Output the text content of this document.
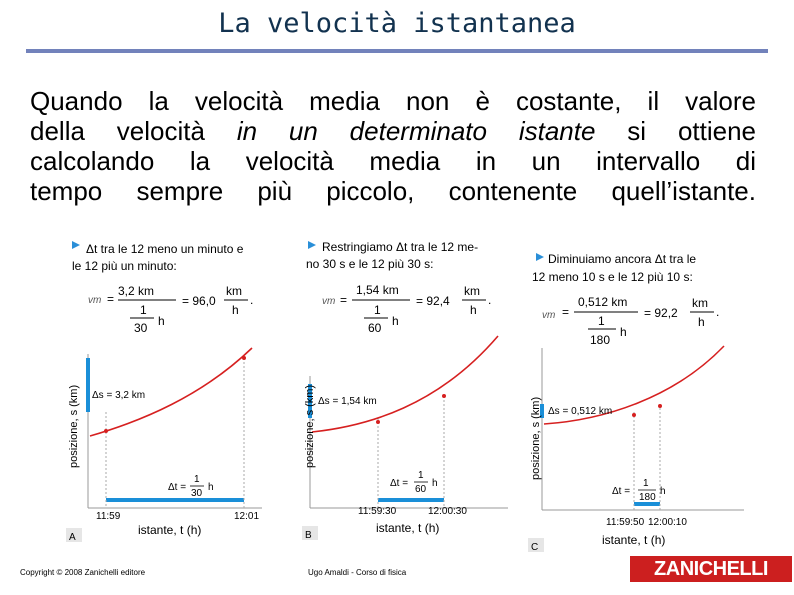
La velocità istantanea
Quando la velocità media non è costante, il valore
della velocità in un determinato istante si ottiene
calcolando la velocità media in un intervallo di
tempo sempre più piccolo, contenente quell’istante.
Δt tra le 12 meno un minuto e
le 12 più un minuto:
vm =
3,2 km
1
30 h
= 96,0
km
h
.
posizione, s (km) Δs = 3,2 km
Δt =
1
30
h
11:59	12:01
istante, t (h)
A
Restringiamo Δt tra le 12 me-
no 30 s e le 12 più 30 s:
vm =
1,54 km
1
60 h
= 92,4
km
h
.
posizione, s (km) Δs = 1,54 km
Δt =
1
60
h
11:59:30	12:00:30
istante, t (h)
B
Diminuiamo ancora Δt tra le
12 meno 10 s e le 12 più 10 s:
vm =
0,512 km
1
180
h
= 92,2
km
h
.
posizione, s (km) Δs = 0,512 km
Δt =
1
180
h
11:59:50 12:00:10
istante, t (h)
C
Copyright © 2008 Zanichelli editore	Ugo Amaldi - Corso di fisica	ZANICHELLI
